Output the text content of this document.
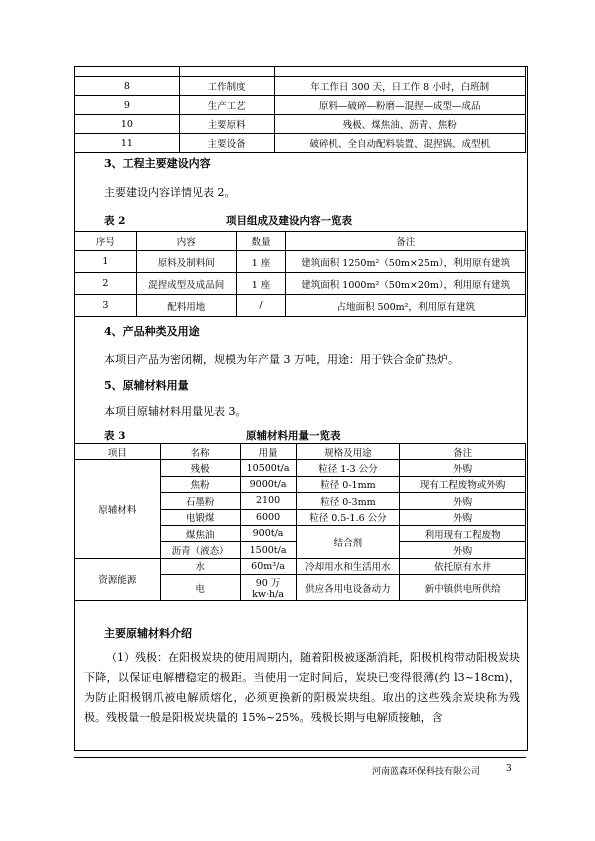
8	工作制度	年工作日 300 天，日工作 8 小时，白班制
9	生产工艺	原料—破碎—粉磨—混捏—成型—成品
10	主要原料	残极、煤焦油、沥青、焦粉
11	主要设备	破碎机、全自动配料装置、混捏锅、成型机
3、工程主要建设内容
主要建设内容详情见表 2。
表 2	项目组成及建设内容一览表
序号	内容	数量	备注
1	原料及制料间	1 座	建筑面积 1250m²（50m×25m），利用原有建筑
2	混捏成型及成品间	1 座	建筑面积 1000m²（50m×20m），利用原有建筑
3	配料用地	/	占地面积 500m²，利用原有建筑
4、产品种类及用途
本项目产品为密闭糊，规模为年产量 3 万吨，用途：用于铁合金矿热炉。
5、原辅材料用量
本项目原辅材料用量见表 3。
表 3	原辅材料用量一览表
项目	名称	用量	规格及用途	备注
原辅材料	残极	10500t/a	粒径 1-3 公分	外购
	焦粉	9000t/a	粒径 0-1mm	现有工程废物或外购
	石墨粉	2100	粒径 0-3mm	外购
	电锻煤	6000	粒径 0.5-1.6 公分	外购
	煤焦油	900t/a	结合剂	利用现有工程废物
	沥青（液态）	1500t/a		外购
资源能源	水	60m³/a	冷却用水和生活用水	依托原有水井
	电	90 万 kw·h/a	供应各用电设备动力	新中镇供电所供给
主要原辅材料介绍
（1）残极：在阳极炭块的使用周期内，随着阳极被逐渐消耗，阳极机构带动阳极炭块下降，以保证电解槽稳定的极距。当使用一定时间后，炭块已变得很薄(约 l3~18cm)，为防止阳极钢爪被电解质熔化，必须更换新的阳极炭块组。取出的这些残余炭块称为残极。残极量一般是阳极炭块量的 15%~25%。残极长期与电解质接触，含
河南蓝森环保科技有限公司	3
